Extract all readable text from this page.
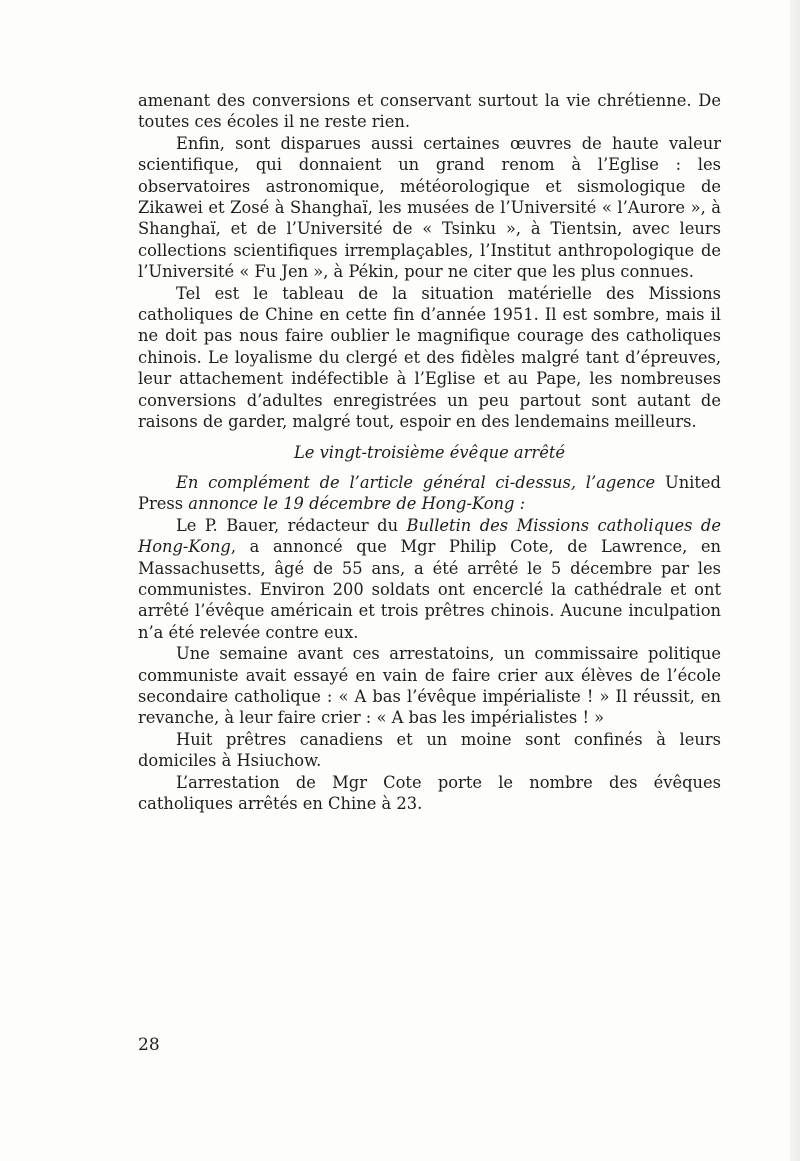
amenant des conversions et conservant surtout la vie chrétienne. De toutes ces écoles il ne reste rien.

Enfin, sont disparues aussi certaines œuvres de haute valeur scientifique, qui donnaient un grand renom à l’Eglise : les observatoires astronomique, météorologique et sismologique de Zikawei et Zosé à Shanghaï, les musées de l’Université « l’Aurore », à Shanghaï, et de l’Université de « Tsinku », à Tientsin, avec leurs collections scientifiques irremplaçables, l’Institut anthropologique de l’Université « Fu Jen », à Pékin, pour ne citer que les plus connues.

Tel est le tableau de la situation matérielle des Missions catholiques de Chine en cette fin d’année 1951. Il est sombre, mais il ne doit pas nous faire oublier le magnifique courage des catholiques chinois. Le loyalisme du clergé et des fidèles malgré tant d’épreuves, leur attachement indéfectible à l’Eglise et au Pape, les nombreuses conversions d’adultes enregistrées un peu partout sont autant de raisons de garder, malgré tout, espoir en des lendemains meilleurs.

Le vingt-troisième évêque arrêté

En complément de l’article général ci-dessus, l’agence United Press annonce le 19 décembre de Hong-Kong :

Le P. Bauer, rédacteur du Bulletin des Missions catholiques de Hong-Kong, a annoncé que Mgr Philip Cote, de Lawrence, en Massachusetts, âgé de 55 ans, a été arrêté le 5 décembre par les communistes. Environ 200 soldats ont encerclé la cathédrale et ont arrêté l’évêque américain et trois prêtres chinois. Aucune inculpation n’a été relevée contre eux.

Une semaine avant ces arrestatoins, un commissaire politique communiste avait essayé en vain de faire crier aux élèves de l’école secondaire catholique : « A bas l’évêque impérialiste ! » Il réussit, en revanche, à leur faire crier : « A bas les impérialistes ! »

Huit prêtres canadiens et un moine sont confinés à leurs domiciles à Hsiuchow.

L’arrestation de Mgr Cote porte le nombre des évêques catholiques arrêtés en Chine à 23.

28
